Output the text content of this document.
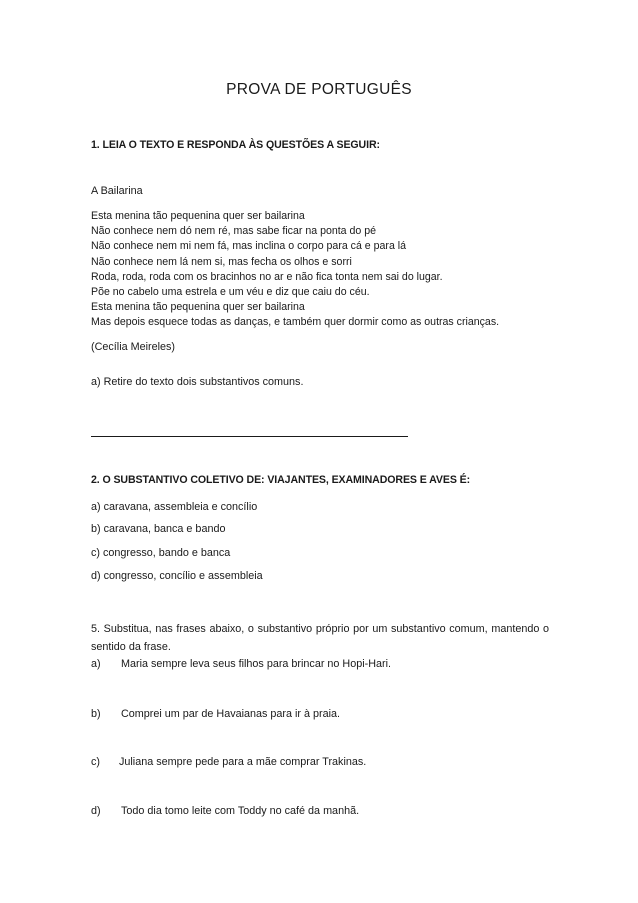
PROVA DE PORTUGUÊS
1. LEIA O TEXTO E RESPONDA ÀS QUESTÕES A SEGUIR:
A Bailarina
Esta menina tão pequenina quer ser bailarina
Não conhece nem dó nem ré, mas sabe ficar na ponta do pé
Não conhece nem mi nem fá, mas inclina o corpo para cá e para lá
Não conhece nem lá nem si, mas fecha os olhos e sorri
Roda, roda, roda com os bracinhos no ar e não fica tonta nem sai do lugar.
Põe no cabelo uma estrela e um véu e diz que caiu do céu.
Esta menina tão pequenina quer ser bailarina
Mas depois esquece todas as danças, e também quer dormir como as outras crianças.
(Cecília Meireles)
a) Retire do texto dois substantivos comuns.
2. O SUBSTANTIVO COLETIVO DE: VIAJANTES, EXAMINADORES E AVES É:
a) caravana, assembleia e concílio
b) caravana, banca e bando
c) congresso, bando e banca
d) congresso, concílio e assembleia
5. Substitua, nas frases abaixo, o substantivo próprio por um substantivo comum, mantendo o sentido da frase.
a) Maria sempre leva seus filhos para brincar no Hopi-Hari.
b) Comprei um par de Havaianas para ir à praia.
c) Juliana sempre pede para a mãe comprar Trakinas.
d) Todo dia tomo leite com Toddy no café da manhã.
